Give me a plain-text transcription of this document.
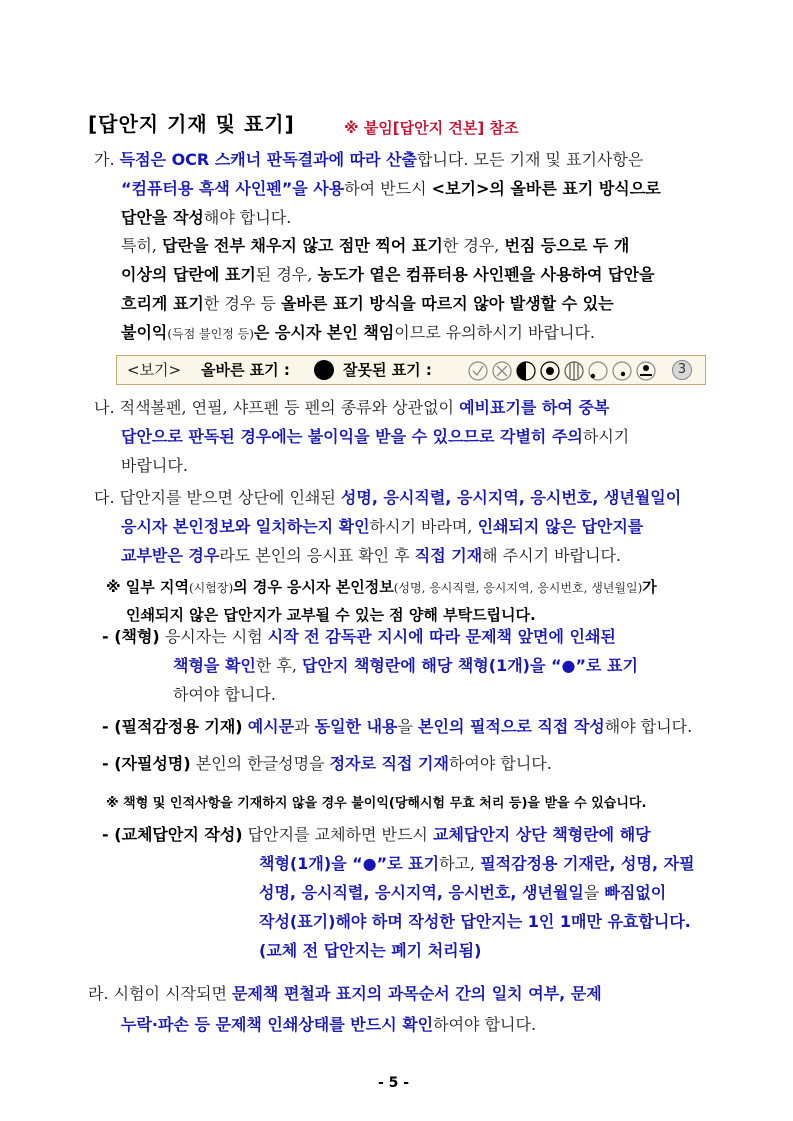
[답안지 기재 및 표기]	※ 붙임[답안지 견본] 참조
가. 득점은 OCR 스캐너 판독결과에 따라 산출합니다. 모든 기재 및 표기사항은
“컴퓨터용 흑색 사인펜”을 사용하여 반드시 <보기>의 올바른 표기 방식으로
답안을 작성해야 합니다.
특히, 답란을 전부 채우지 않고 점만 찍어 표기한 경우, 번짐 등으로 두 개
이상의 답란에 표기된 경우, 농도가 옅은 컴퓨터용 사인펜을 사용하여 답안을
흐리게 표기한 경우 등 올바른 표기 방식을 따르지 않아 발생할 수 있는
불이익(득점 불인정 등)은 응시자 본인 책임이므로 유의하시기 바랍니다.
<보기> 올바른 표기 :	잘못된 표기 :	3
나. 적색볼펜, 연필, 샤프펜 등 펜의 종류와 상관없이 예비표기를 하여 중복
답안으로 판독된 경우에는 불이익을 받을 수 있으므로 각별히 주의하시기
바랍니다.
다. 답안지를 받으면 상단에 인쇄된 성명, 응시직렬, 응시지역, 응시번호, 생년월일이
응시자 본인정보와 일치하는지 확인하시기 바라며, 인쇄되지 않은 답안지를
교부받은 경우라도 본인의 응시표 확인 후 직접 기재해 주시기 바랍니다.
※ 일부 지역(시험장)의 경우 응시자 본인정보(성명, 응시직렬, 응시지역, 응시번호, 생년월일)가
인쇄되지 않은 답안지가 교부될 수 있는 점 양해 부탁드립니다.
- (책형) 응시자는 시험 시작 전 감독관 지시에 따라 문제책 앞면에 인쇄된
책형을 확인한 후, 답안지 책형란에 해당 책형(1개)을 “●”로 표기
하여야 합니다.
- (필적감정용 기재) 예시문과 동일한 내용을 본인의 필적으로 직접 작성해야 합니다.
- (자필성명) 본인의 한글성명을 정자로 직접 기재하여야 합니다.
※ 책형 및 인적사항을 기재하지 않을 경우 불이익(당해시험 무효 처리 등)을 받을 수 있습니다.
- (교체답안지 작성) 답안지를 교체하면 반드시 교체답안지 상단 책형란에 해당
책형(1개)을 “●”로 표기하고, 필적감정용 기재란, 성명, 자필
성명, 응시직렬, 응시지역, 응시번호, 생년월일을 빠짐없이
작성(표기)해야 하며 작성한 답안지는 1인 1매만 유효합니다.
(교체 전 답안지는 폐기 처리됨)
라. 시험이 시작되면 문제책 편철과 표지의 과목순서 간의 일치 여부, 문제
누락·파손 등 문제책 인쇄상태를 반드시 확인하여야 합니다.
- 5 -
